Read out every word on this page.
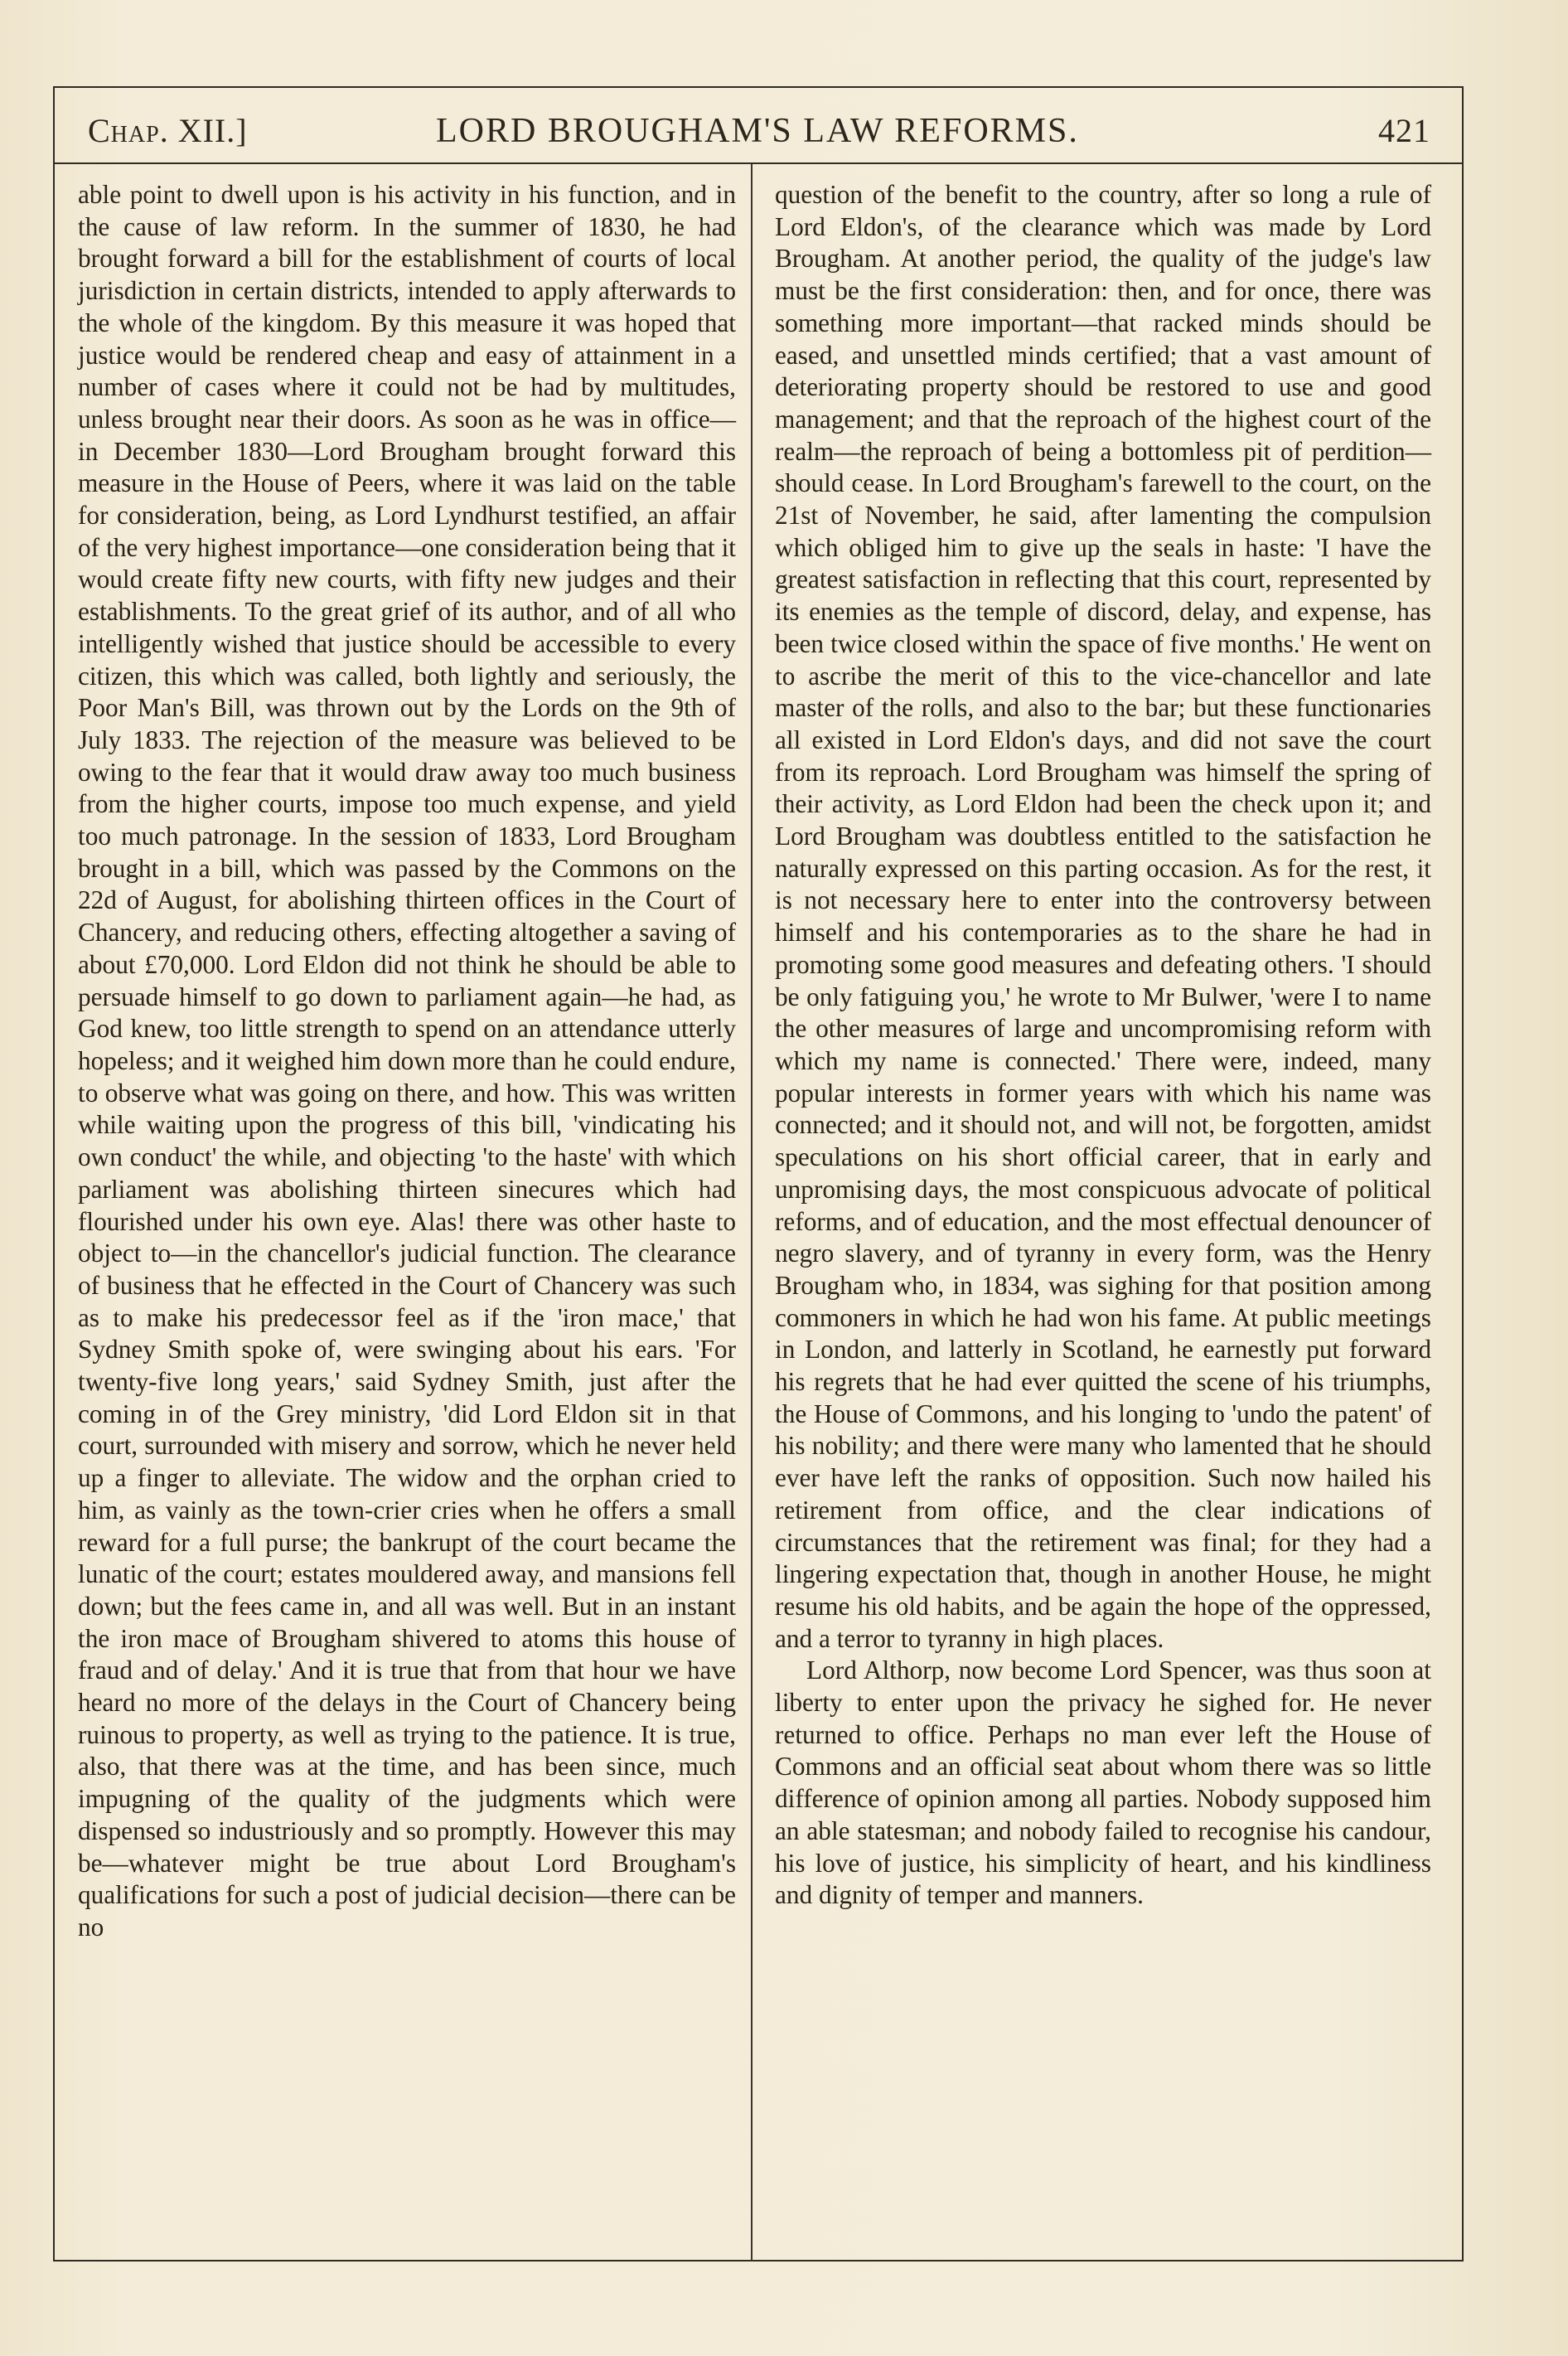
Chap. XII.]	LORD BROUGHAM'S LAW REFORMS.	421

able point to dwell upon is his activity in his function, and in the cause of law reform. In the summer of 1830, he had brought forward a bill for the establishment of courts of local jurisdiction in certain districts, intended to apply afterwards to the whole of the kingdom. By this measure it was hoped that justice would be rendered cheap and easy of attainment in a number of cases where it could not be had by multitudes, unless brought near their doors. As soon as he was in office—in December 1830—Lord Brougham brought forward this measure in the House of Peers, where it was laid on the table for consideration, being, as Lord Lyndhurst testified, an affair of the very highest importance—one consideration being that it would create fifty new courts, with fifty new judges and their establishments. To the great grief of its author, and of all who intelligently wished that justice should be accessible to every citizen, this which was called, both lightly and seriously, the Poor Man's Bill, was thrown out by the Lords on the 9th of July 1833. The rejection of the measure was believed to be owing to the fear that it would draw away too much business from the higher courts, impose too much expense, and yield too much patronage. In the session of 1833, Lord Brougham brought in a bill, which was passed by the Commons on the 22d of August, for abolishing thirteen offices in the Court of Chancery, and reducing others, effecting altogether a saving of about £70,000. Lord Eldon did not think he should be able to persuade himself to go down to parliament again—he had, as God knew, too little strength to spend on an attendance utterly hopeless; and it weighed him down more than he could endure, to observe what was going on there, and how. This was written while waiting upon the progress of this bill, 'vindicating his own conduct' the while, and objecting 'to the haste' with which parliament was abolishing thirteen sinecures which had flourished under his own eye. Alas! there was other haste to object to—in the chancellor's judicial function. The clearance of business that he effected in the Court of Chancery was such as to make his predecessor feel as if the 'iron mace,' that Sydney Smith spoke of, were swinging about his ears. 'For twenty-five long years,' said Sydney Smith, just after the coming in of the Grey ministry, 'did Lord Eldon sit in that court, surrounded with misery and sorrow, which he never held up a finger to alleviate. The widow and the orphan cried to him, as vainly as the town-crier cries when he offers a small reward for a full purse; the bankrupt of the court became the lunatic of the court; estates mouldered away, and mansions fell down; but the fees came in, and all was well. But in an instant the iron mace of Brougham shivered to atoms this house of fraud and of delay.' And it is true that from that hour we have heard no more of the delays in the Court of Chancery being ruinous to property, as well as trying to the patience. It is true, also, that there was at the time, and has been since, much impugning of the quality of the judgments which were dispensed so industriously and so promptly. However this may be—whatever might be true about Lord Brougham's qualifications for such a post of judicial decision—there can be no

question of the benefit to the country, after so long a rule of Lord Eldon's, of the clearance which was made by Lord Brougham. At another period, the quality of the judge's law must be the first consideration: then, and for once, there was something more important—that racked minds should be eased, and unsettled minds certified; that a vast amount of deteriorating property should be restored to use and good management; and that the reproach of the highest court of the realm—the reproach of being a bottomless pit of perdition—should cease. In Lord Brougham's farewell to the court, on the 21st of November, he said, after lamenting the compulsion which obliged him to give up the seals in haste: 'I have the greatest satisfaction in reflecting that this court, represented by its enemies as the temple of discord, delay, and expense, has been twice closed within the space of five months.' He went on to ascribe the merit of this to the vice-chancellor and late master of the rolls, and also to the bar; but these functionaries all existed in Lord Eldon's days, and did not save the court from its reproach. Lord Brougham was himself the spring of their activity, as Lord Eldon had been the check upon it; and Lord Brougham was doubtless entitled to the satisfaction he naturally expressed on this parting occasion. As for the rest, it is not necessary here to enter into the controversy between himself and his contemporaries as to the share he had in promoting some good measures and defeating others. 'I should be only fatiguing you,' he wrote to Mr Bulwer, 'were I to name the other measures of large and uncompromising reform with which my name is connected.' There were, indeed, many popular interests in former years with which his name was connected; and it should not, and will not, be forgotten, amidst speculations on his short official career, that in early and unpromising days, the most conspicuous advocate of political reforms, and of education, and the most effectual denouncer of negro slavery, and of tyranny in every form, was the Henry Brougham who, in 1834, was sighing for that position among commoners in which he had won his fame. At public meetings in London, and latterly in Scotland, he earnestly put forward his regrets that he had ever quitted the scene of his triumphs, the House of Commons, and his longing to 'undo the patent' of his nobility; and there were many who lamented that he should ever have left the ranks of opposition. Such now hailed his retirement from office, and the clear indications of circumstances that the retirement was final; for they had a lingering expectation that, though in another House, he might resume his old habits, and be again the hope of the oppressed, and a terror to tyranny in high places.

Lord Althorp, now become Lord Spencer, was thus soon at liberty to enter upon the privacy he sighed for. He never returned to office. Perhaps no man ever left the House of Commons and an official seat about whom there was so little difference of opinion among all parties. Nobody supposed him an able statesman; and nobody failed to recognise his candour, his love of justice, his simplicity of heart, and his kindliness and dignity of temper and manners.
